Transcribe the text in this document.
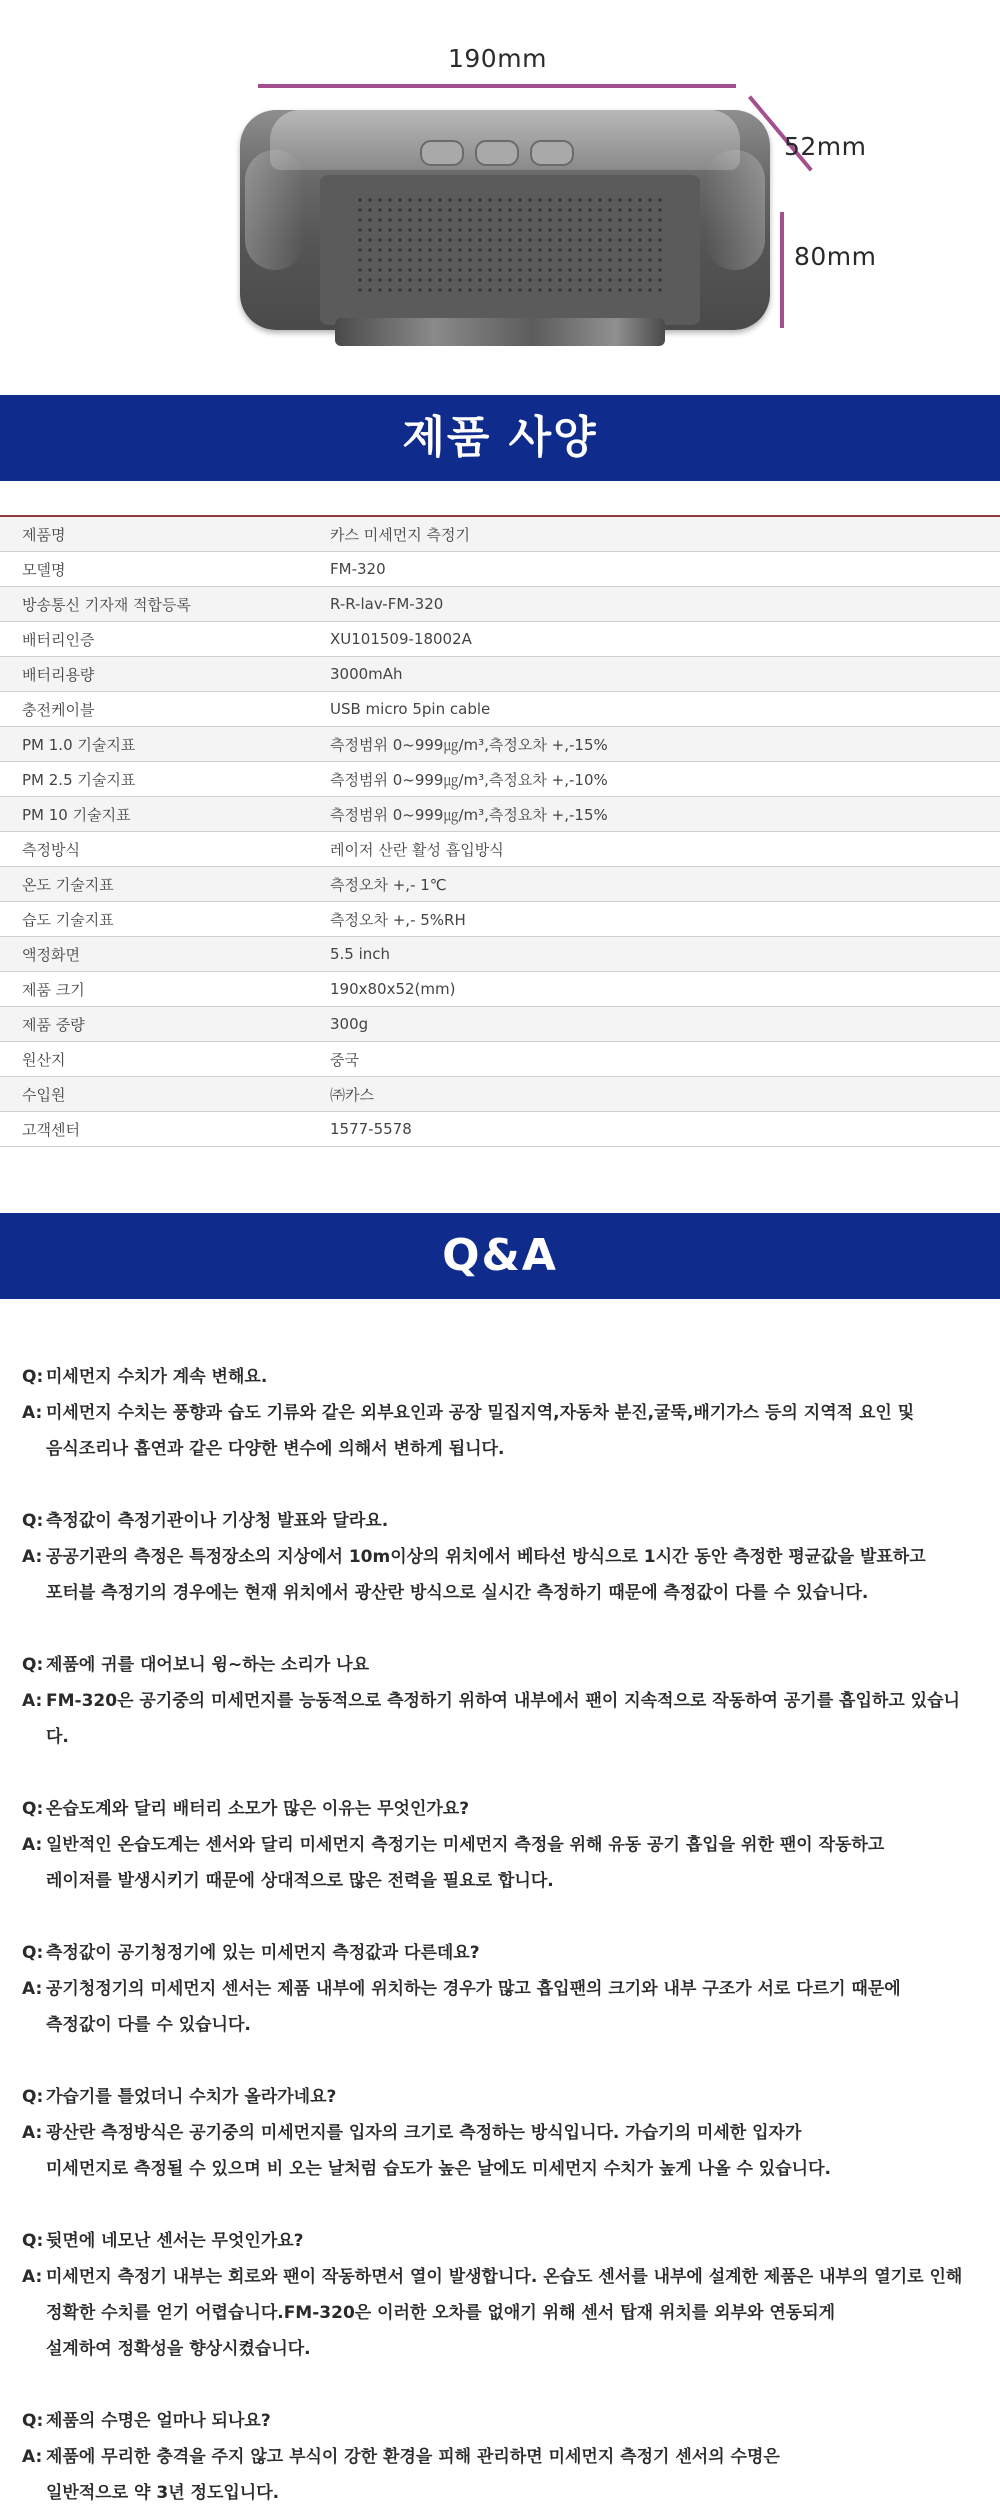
190mm
52mm
80mm
제품 사양
제품명	카스 미세먼지 측정기
모델명	FM-320
방송통신 기자재 적합등록	R-R-lav-FM-320
배터리인증	XU101509-18002A
배터리용량	3000mAh
충전케이블	USB micro 5pin cable
PM 1.0 기술지표	측정범위 0~999㎍/m³,측정오차 +,-15%
PM 2.5 기술지표	측정범위 0~999㎍/m³,측정요차 +,-10%
PM 10 기술지표	측정범위 0~999㎍/m³,측정요차 +,-15%
측정방식	레이저 산란 활성 흡입방식
온도 기술지표	측정오차 +,- 1℃
습도 기술지표	측정오차 +,- 5%RH
액정화면	5.5 inch
제품 크기	190x80x52(mm)
제품 중량	300g
원산지	중국
수입원	㈜카스
고객센터	1577-5578
Q&A
Q: 미세먼지 수치가 계속 변해요.
A: 미세먼지 수치는 풍향과 습도 기류와 같은 외부요인과 공장 밀집지역,자동차 분진,굴뚝,배기가스 등의 지역적 요인 및
음식조리나 흡연과 같은 다양한 변수에 의해서 변하게 됩니다.
Q: 측정값이 측정기관이나 기상청 발표와 달라요.
A: 공공기관의 측정은 특정장소의 지상에서 10m이상의 위치에서 베타선 방식으로 1시간 동안 측정한 평균값을 발표하고
포터블 측정기의 경우에는 현재 위치에서 광산란 방식으로 실시간 측정하기 때문에 측정값이 다를 수 있습니다.
Q: 제품에 귀를 대어보니 윙~하는 소리가 나요
A: FM-320은 공기중의 미세먼지를 능동적으로 측정하기 위하여 내부에서 팬이 지속적으로 작동하여 공기를 흡입하고 있습니다.
Q: 온습도계와 달리 배터리 소모가 많은 이유는 무엇인가요?
A: 일반적인 온습도계는 센서와 달리 미세먼지 측정기는 미세먼지 측정을 위해 유동 공기 흡입을 위한 팬이 작동하고
레이저를 발생시키기 때문에 상대적으로 많은 전력을 필요로 합니다.
Q: 측정값이 공기청정기에 있는 미세먼지 측정값과 다른데요?
A: 공기청정기의 미세먼지 센서는 제품 내부에 위치하는 경우가 많고 흡입팬의 크기와 내부 구조가 서로 다르기 때문에
측정값이 다를 수 있습니다.
Q: 가습기를 틀었더니 수치가 올라가네요?
A: 광산란 측정방식은 공기중의 미세먼지를 입자의 크기로 측정하는 방식입니다. 가습기의 미세한 입자가
미세먼지로 측정될 수 있으며 비 오는 날처럼 습도가 높은 날에도 미세먼지 수치가 높게 나올 수 있습니다.
Q: 뒷면에 네모난 센서는 무엇인가요?
A: 미세먼지 측정기 내부는 회로와 팬이 작동하면서 열이 발생합니다. 온습도 센서를 내부에 설계한 제품은 내부의 열기로 인해
정확한 수치를 얻기 어렵습니다.FM-320은 이러한 오차를 없애기 위해 센서 탑재 위치를 외부와 연동되게
설계하여 정확성을 향상시켰습니다.
Q: 제품의 수명은 얼마나 되나요?
A: 제품에 무리한 충격을 주지 않고 부식이 강한 환경을 피해 관리하면 미세먼지 측정기 센서의 수명은
일반적으로 약 3년 정도입니다.
